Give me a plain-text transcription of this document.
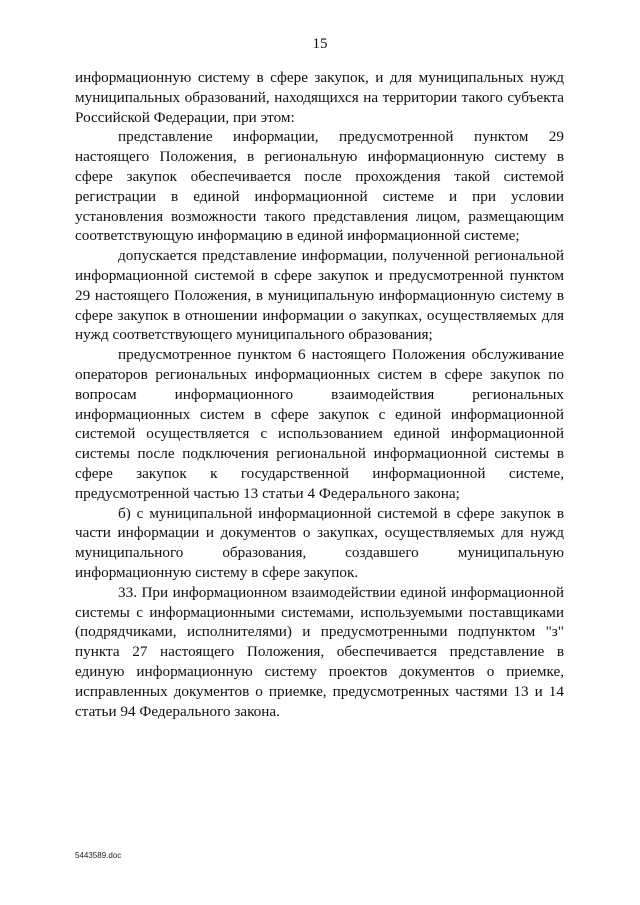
15

информационную систему в сфере закупок, и для муниципальных нужд муниципальных образований, находящихся на территории такого субъекта Российской Федерации, при этом:

представление информации, предусмотренной пунктом 29 настоящего Положения, в региональную информационную систему в сфере закупок обеспечивается после прохождения такой системой регистрации в единой информационной системе и при условии установления возможности такого представления лицом, размещающим соответствующую информацию в единой информационной системе;

допускается представление информации, полученной региональной информационной системой в сфере закупок и предусмотренной пунктом 29 настоящего Положения, в муниципальную информационную систему в сфере закупок в отношении информации о закупках, осуществляемых для нужд соответствующего муниципального образования;

предусмотренное пунктом 6 настоящего Положения обслуживание операторов региональных информационных систем в сфере закупок по вопросам информационного взаимодействия региональных информационных систем в сфере закупок с единой информационной системой осуществляется с использованием единой информационной системы после подключения региональной информационной системы в сфере закупок к государственной информационной системе, предусмотренной частью 13 статьи 4 Федерального закона;

б) с муниципальной информационной системой в сфере закупок в части информации и документов о закупках, осуществляемых для нужд муниципального образования, создавшего муниципальную информационную систему в сфере закупок.

33. При информационном взаимодействии единой информационной системы с информационными системами, используемыми поставщиками (подрядчиками, исполнителями) и предусмотренными подпунктом "з" пункта 27 настоящего Положения, обеспечивается представление в единую информационную систему проектов документов о приемке, исправленных документов о приемке, предусмотренных частями 13 и 14 статьи 94 Федерального закона.

5443589.doc
